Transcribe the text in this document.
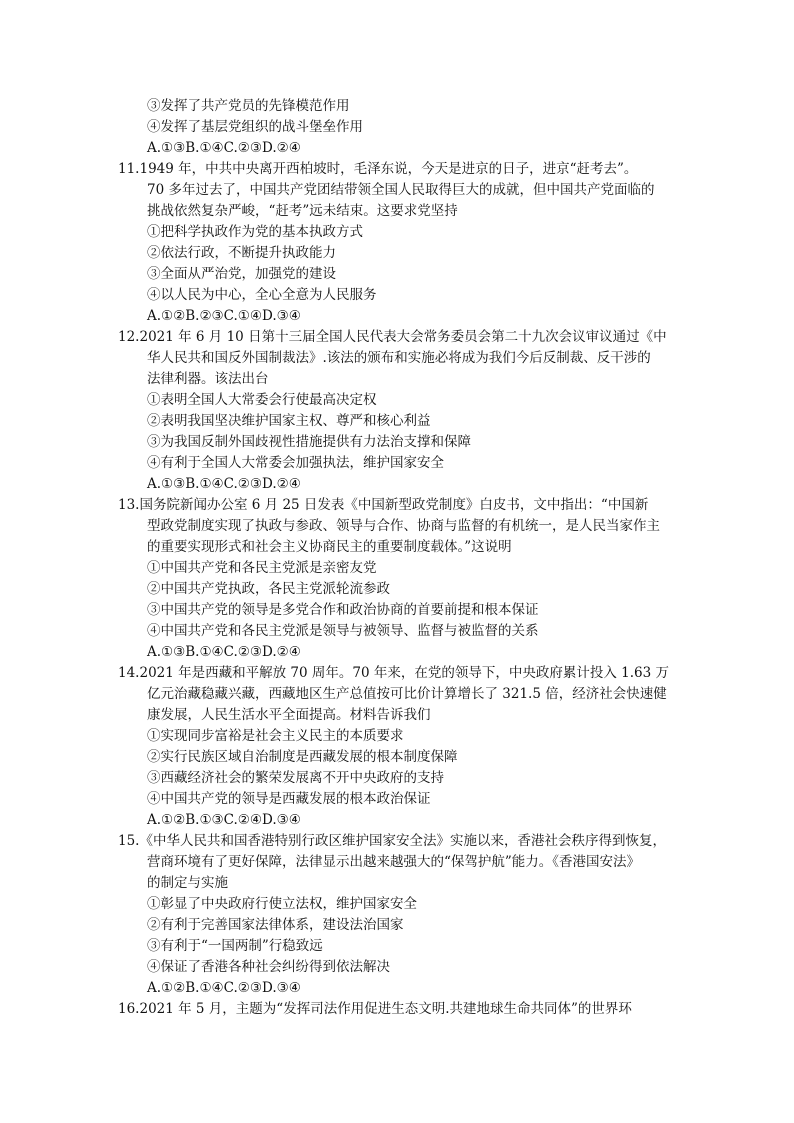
③发挥了共产党员的先锋模范作用
④发挥了基层党组织的战斗堡垒作用
A.①③B.①④C.②③D.②④
11.1949 年，中共中央离开西柏坡时，毛泽东说，今天是进京的日子，进京“赶考去”。
70 多年过去了，中国共产党团结带领全国人民取得巨大的成就，但中国共产党面临的
挑战依然复杂严峻，“赶考”远未结束。这要求党坚持
①把科学执政作为党的基本执政方式
②依法行政，不断提升执政能力
③全面从严治党，加强党的建设
④以人民为中心，全心全意为人民服务
A.①②B.②③C.①④D.③④
12.2021 年 6 月 10 日第十三届全国人民代表大会常务委员会第二十九次会议审议通过《中
华人民共和国反外国制裁法》.该法的颁布和实施必将成为我们今后反制裁、反干涉的
法律利器。该法出台
①表明全国人大常委会行使最高决定权
②表明我国坚决维护国家主权、尊严和核心利益
③为我国反制外国歧视性措施提供有力法治支撑和保障
④有利于全国人大常委会加强执法，维护国家安全
A.①③B.①④C.②③D.②④
13.国务院新闻办公室 6 月 25 日发表《中国新型政党制度》白皮书，文中指出：“中国新
型政党制度实现了执政与参政、领导与合作、协商与监督的有机统一，是人民当家作主
的重要实现形式和社会主义协商民主的重要制度载体。”这说明
①中国共产党和各民主党派是亲密友党
②中国共产党执政，各民主党派轮流参政
③中国共产党的领导是多党合作和政治协商的首要前提和根本保证
④中国共产党和各民主党派是领导与被领导、监督与被监督的关系
A.①③B.①④C.②③D.②④
14.2021 年是西藏和平解放 70 周年。70 年来，在党的领导下，中央政府累计投入 1.63 万
亿元治藏稳藏兴藏，西藏地区生产总值按可比价计算增长了 321.5 倍，经济社会快速健
康发展，人民生活水平全面提高。材料告诉我们
①实现同步富裕是社会主义民主的本质要求
②实行民族区域自治制度是西藏发展的根本制度保障
③西藏经济社会的繁荣发展离不开中央政府的支持
④中国共产党的领导是西藏发展的根本政治保证
A.①②B.①③C.②④D.③④
15.《中华人民共和国香港特别行政区维护国家安全法》实施以来，香港社会秩序得到恢复，
营商环境有了更好保障，法律显示出越来越强大的“保驾护航”能力。《香港国安法》
的制定与实施
①彰显了中央政府行使立法权，维护国家安全
②有利于完善国家法律体系，建设法治国家
③有利于“一国两制”行稳致远
④保证了香港各种社会纠纷得到依法解决
A.①②B.①④C.②③D.③④
16.2021 年 5 月，主题为“发挥司法作用促进生态文明.共建地球生命共同体”的世界环
